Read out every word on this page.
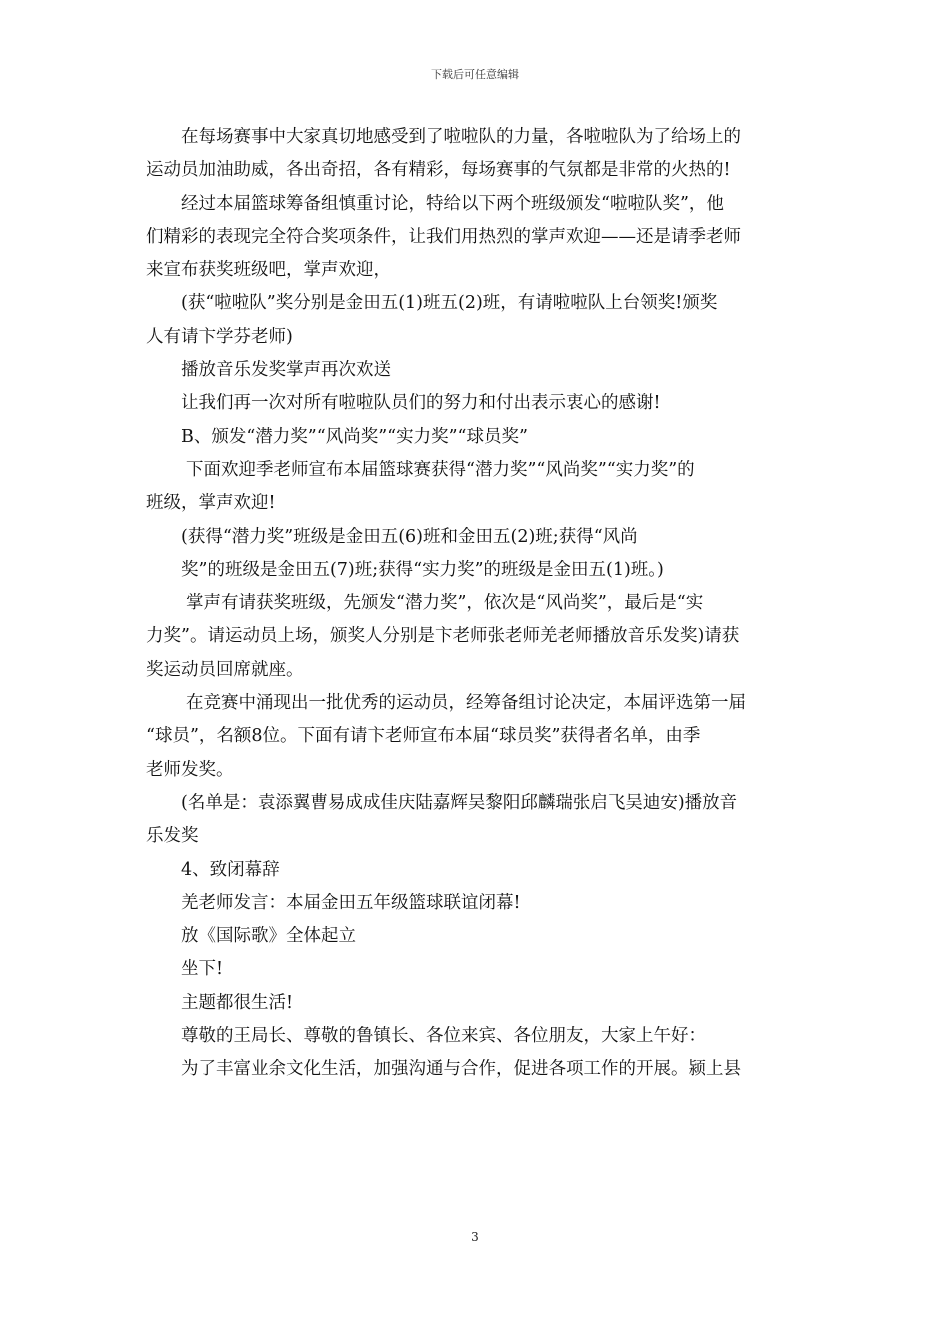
下载后可任意编辑
在每场赛事中大家真切地感受到了啦啦队的力量，各啦啦队为了给场上的
运动员加油助威，各出奇招，各有精彩，每场赛事的气氛都是非常的火热的!
经过本届篮球筹备组慎重讨论，特给以下两个班级颁发“啦啦队奖”，他
们精彩的表现完全符合奖项条件，让我们用热烈的掌声欢迎——还是请季老师
来宣布获奖班级吧，掌声欢迎，
(获“啦啦队”奖分别是金田五(1)班五(2)班，有请啦啦队上台领奖!颁奖
人有请卞学芬老师)
播放音乐发奖掌声再次欢送
让我们再一次对所有啦啦队员们的努力和付出表示衷心的感谢!
B、颁发“潜力奖”“风尚奖”“实力奖”“球员奖”
下面欢迎季老师宣布本届篮球赛获得“潜力奖”“风尚奖”“实力奖”的
班级，掌声欢迎!
(获得“潜力奖”班级是金田五(6)班和金田五(2)班;获得“风尚
奖”的班级是金田五(7)班;获得“实力奖”的班级是金田五(1)班。)
掌声有请获奖班级，先颁发“潜力奖”，依次是“风尚奖”，最后是“实
力奖”。请运动员上场，颁奖人分别是卞老师张老师羌老师播放音乐发奖)请获
奖运动员回席就座。
在竞赛中涌现出一批优秀的运动员，经筹备组讨论决定，本届评选第一届
“球员”，名额8位。下面有请卞老师宣布本届“球员奖”获得者名单，由季
老师发奖。
(名单是：袁添翼曹易成成佳庆陆嘉辉吴黎阳邱麟瑞张启飞吴迪安)播放音
乐发奖
4、致闭幕辞
羌老师发言：本届金田五年级篮球联谊闭幕!
放《国际歌》全体起立
坐下!
主题都很生活!
尊敬的王局长、尊敬的鲁镇长、各位来宾、各位朋友，大家上午好：
为了丰富业余文化生活，加强沟通与合作，促进各项工作的开展。颍上县
3
